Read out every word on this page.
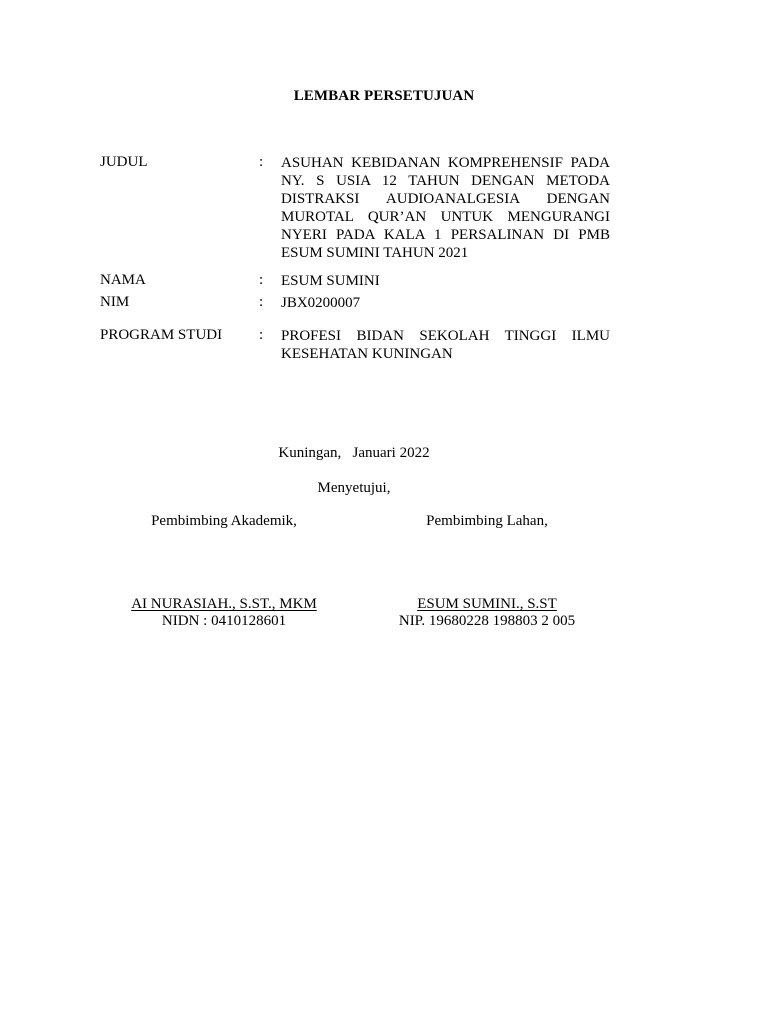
LEMBAR PERSETUJUAN
JUDUL	: ASUHAN KEBIDANAN KOMPREHENSIF PADA
NY. S USIA 12 TAHUN DENGAN METODA
DISTRAKSI AUDIOANALGESIA DENGAN
MUROTAL QUR’AN UNTUK MENGURANGI
NYERI PADA KALA 1 PERSALINAN DI PMB
ESUM SUMINI TAHUN 2021
NAMA	: ESUM SUMINI
NIM	: JBX0200007
PROGRAM STUDI : PROFESI BIDAN SEKOLAH TINGGI ILMU
KESEHATAN KUNINGAN
Kuningan,   Januari 2022
Menyetujui,
Pembimbing Akademik,
AI NURASIAH., S.ST., MKM
NIDN : 0410128601
Pembimbing Lahan,
ESUM SUMINI., S.ST
NIP. 19680228 198803 2 005
